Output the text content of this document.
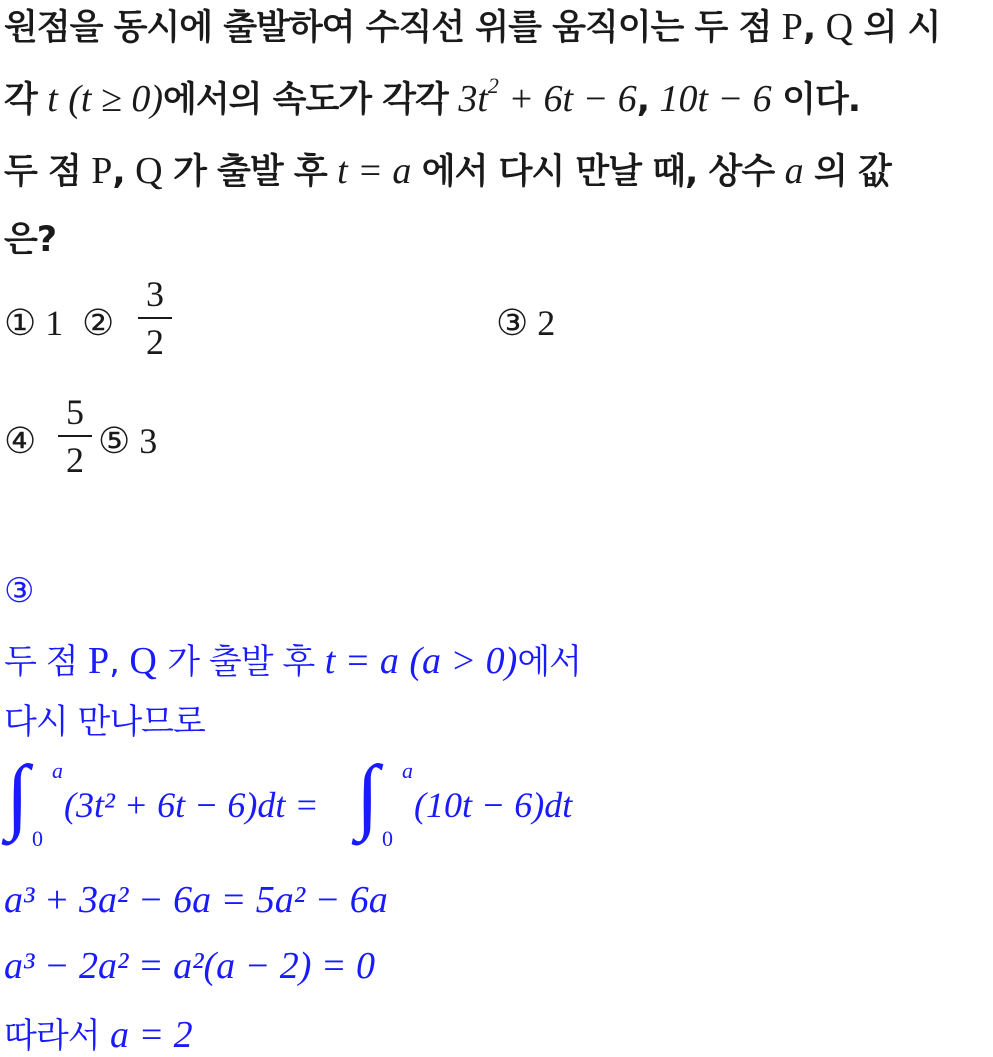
원점을 동시에 출발하여 수직선 위를 움직이는 두 점 P, Q 의 시
각 t (t ≥ 0)에서의 속도가 각각 $3t^2 + 6t - 6$, 10t − 6 이다.
두 점 P, Q 가 출발 후 t = a 에서 다시 만날 때, 상수 a 의 값
은?
① 1 ②
3
2	③ 2
④
5
2 ⑤ 3
③
두 점 P, Q 가 출발 후 t = a (a > 0)에서
다시 만나므로
∫ a
0
(3t² + 6t − 6)dt = ∫ a
0
(10t − 6)dt
a³ + 3a² − 6a = 5a² − 6a
a³ − 2a² = a²(a − 2) = 0
따라서 a = 2
